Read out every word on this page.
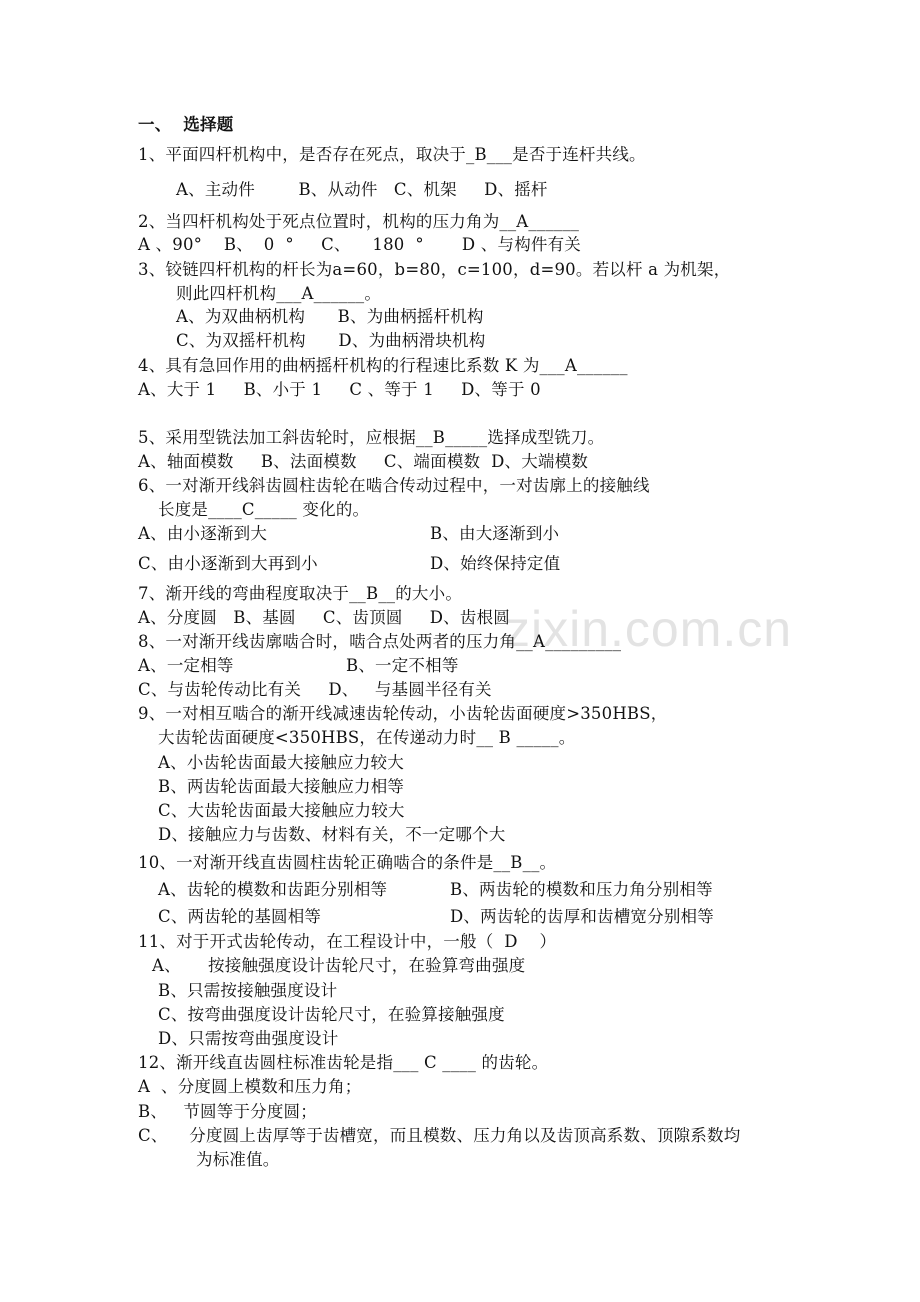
zixin.com.cn
一、  选择题
1、平面四杆机构中，是否存在死点，取决于_B___是否于连杆共线。
A、主动件        B、从动件   C、机架     D、摇杆
2、当四杆机构处于死点位置时，机构的压力角为__A______
A 、90°    B、  0  °     C、    180  °       D 、与构件有关
3、铰链四杆机构的杆长为a=60，b=80，c=100，d=90。若以杆 a 为机架，
则此四杆机构___A______。
A、为双曲柄机构      B、为曲柄摇杆机构
C、为双摇杆机构      D、为曲柄滑块机构
4、具有急回作用的曲柄摇杆机构的行程速比系数 K 为___A______
A、大于 1     B、小于 1     C 、等于 1     D、等于 0
5、采用型铣法加工斜齿轮时，应根据__B_____选择成型铣刀。
A、轴面模数     B、法面模数     C、端面模数  D、大端模数
6、一对渐开线斜齿圆柱齿轮在啮合传动过程中，一对齿廓上的接触线
长度是____C_____ 变化的。
A、由小逐渐到大	B、由大逐渐到小
C、由小逐渐到大再到小	D、始终保持定值
7、渐开线的弯曲程度取决于__B__的大小。
A、分度圆   B、基圆     C、齿顶圆     D、齿根圆
8、一对渐开线齿廓啮合时，啮合点处两者的压力角__A_________
A、一定相等	B、一定不相等
C、与齿轮传动比有关     D、   与基圆半径有关
9、一对相互啮合的渐开线减速齿轮传动，小齿轮齿面硬度>350HBS，
大齿轮齿面硬度<350HBS，在传递动力时__ B _____。
A、小齿轮齿面最大接触应力较大
B、两齿轮齿面最大接触应力相等
C、大齿轮齿面最大接触应力较大
D、接触应力与齿数、材料有关，不一定哪个大
10、一对渐开线直齿圆柱齿轮正确啮合的条件是__B__。
A、齿轮的模数和齿距分别相等	B、两齿轮的模数和压力角分别相等
C、两齿轮的基圆相等	D、两齿轮的齿厚和齿槽宽分别相等
11、对于开式齿轮传动，在工程设计中，一般（  D    ）
A、     按接触强度设计齿轮尺寸，在验算弯曲强度
B、只需按接触强度设计
C、按弯曲强度设计齿轮尺寸，在验算接触强度
D、只需按弯曲强度设计
12、渐开线直齿圆柱标准齿轮是指___ C ____ 的齿轮。
A  、分度圆上模数和压力角；
B、   节圆等于分度圆；
C、    分度圆上齿厚等于齿槽宽，而且模数、压力角以及齿顶高系数、顶隙系数均
为标准值。
